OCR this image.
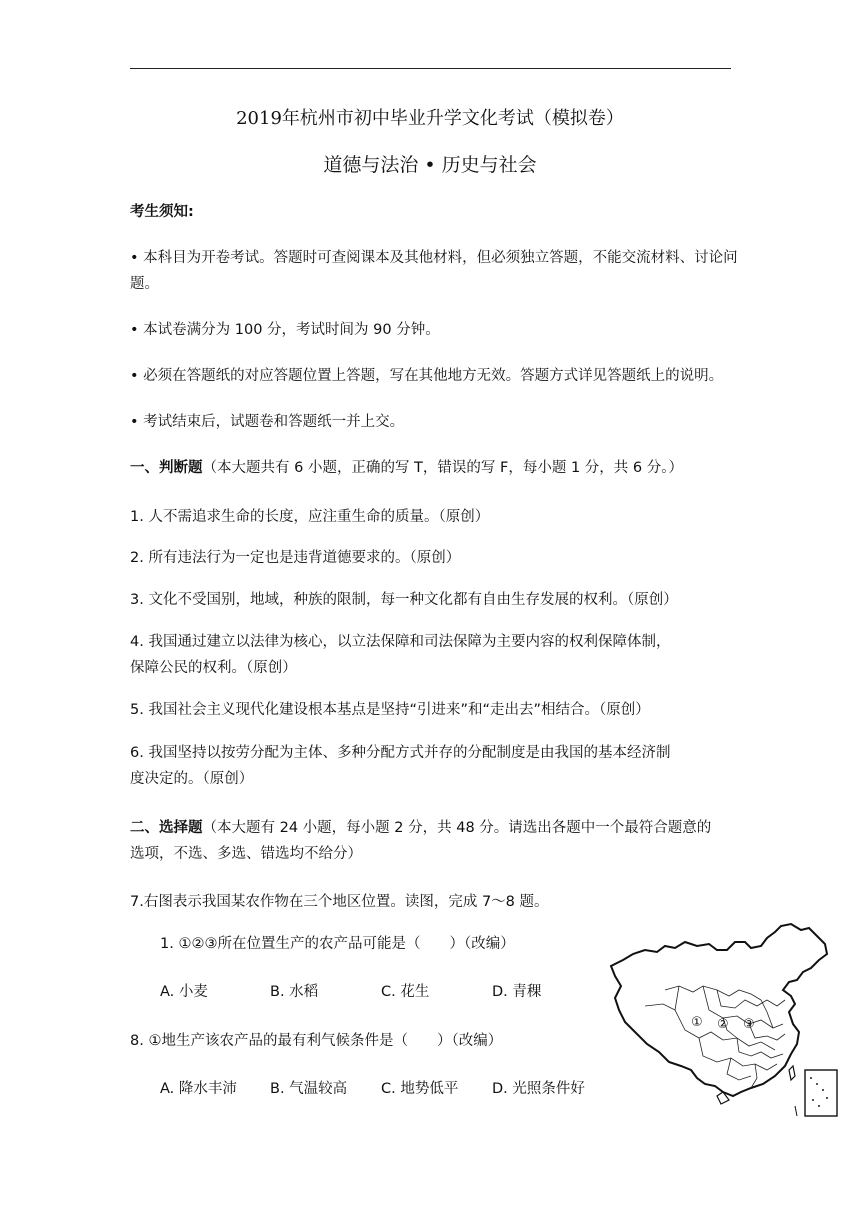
2019年杭州市初中毕业升学文化考试（模拟卷）
道德与法治 • 历史与社会
考生须知:
• 本科目为开卷考试。答题时可查阅课本及其他材料，但必须独立答题，不能交流材料、讨论问
题。
• 本试卷满分为 100 分，考试时间为 90 分钟。
• 必须在答题纸的对应答题位置上答题，写在其他地方无效。答题方式详见答题纸上的说明。
• 考试结束后，试题卷和答题纸一并上交。
一、判断题（本大题共有 6 小题，正确的写 T，错误的写 F，每小题 1 分，共 6 分。）
1. 人不需追求生命的长度，应注重生命的质量。（原创）
2. 所有违法行为一定也是违背道德要求的。（原创）
3. 文化不受国别，地域，种族的限制，每一种文化都有自由生存发展的权利。（原创）
4. 我国通过建立以法律为核心，以立法保障和司法保障为主要内容的权利保障体制，
保障公民的权利。（原创）
5. 我国社会主义现代化建设根本基点是坚持“引进来”和“走出去”相结合。（原创）
6. 我国坚持以按劳分配为主体、多种分配方式并存的分配制度是由我国的基本经济制
度决定的。（原创）
二、选择题（本大题有 24 小题，每小题 2 分，共 48 分。请选出各题中一个最符合题意的
选项，不选、多选、错选均不给分）
7.右图表示我国某农作物在三个地区位置。读图，完成 7～8 题。
1. ①②③所在位置生产的农产品可能是（　　）（改编）
A. 小麦	B. 水稻	C. 花生	D. 青稞
8. ①地生产该农产品的最有利气候条件是（　　）（改编）
A. 降水丰沛 B. 气温较高 C. 地势低平 D. 光照条件好
① ② ③
